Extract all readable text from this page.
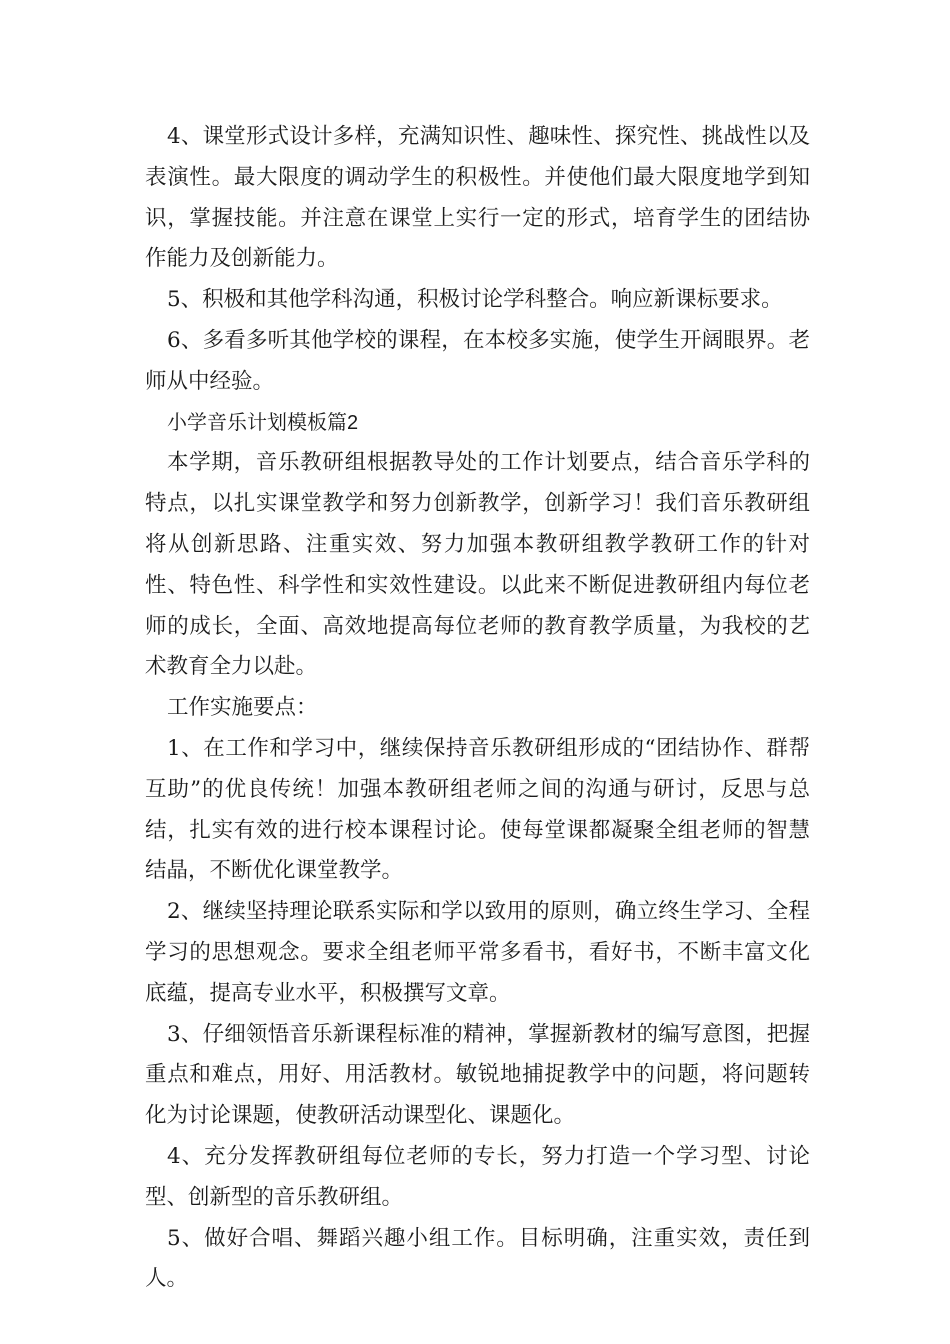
4、课堂形式设计多样，充满知识性、趣味性、探究性、挑战性以及表演性。最大限度的调动学生的积极性。并使他们最大限度地学到知识，掌握技能。并注意在课堂上实行一定的形式，培育学生的团结协作能力及创新能力。

5、积极和其他学科沟通，积极讨论学科整合。响应新课标要求。

6、多看多听其他学校的课程，在本校多实施，使学生开阔眼界。老师从中经验。

小学音乐计划模板篇2

本学期，音乐教研组根据教导处的工作计划要点，结合音乐学科的特点，以扎实课堂教学和努力创新教学，创新学习！我们音乐教研组将从创新思路、注重实效、努力加强本教研组教学教研工作的针对性、特色性、科学性和实效性建设。以此来不断促进教研组内每位老师的成长，全面、高效地提高每位老师的教育教学质量，为我校的艺术教育全力以赴。

工作实施要点：

1、在工作和学习中，继续保持音乐教研组形成的“团结协作、群帮互助”的优良传统！加强本教研组老师之间的沟通与研讨，反思与总结，扎实有效的进行校本课程讨论。使每堂课都凝聚全组老师的智慧结晶，不断优化课堂教学。

2、继续坚持理论联系实际和学以致用的原则，确立终生学习、全程学习的思想观念。要求全组老师平常多看书，看好书，不断丰富文化底蕴，提高专业水平，积极撰写文章。

3、仔细领悟音乐新课程标准的精神，掌握新教材的编写意图，把握重点和难点，用好、用活教材。敏锐地捕捉教学中的问题，将问题转化为讨论课题，使教研活动课型化、课题化。

4、充分发挥教研组每位老师的专长，努力打造一个学习型、讨论型、创新型的音乐教研组。

5、做好合唱、舞蹈兴趣小组工作。目标明确，注重实效，责任到人。
